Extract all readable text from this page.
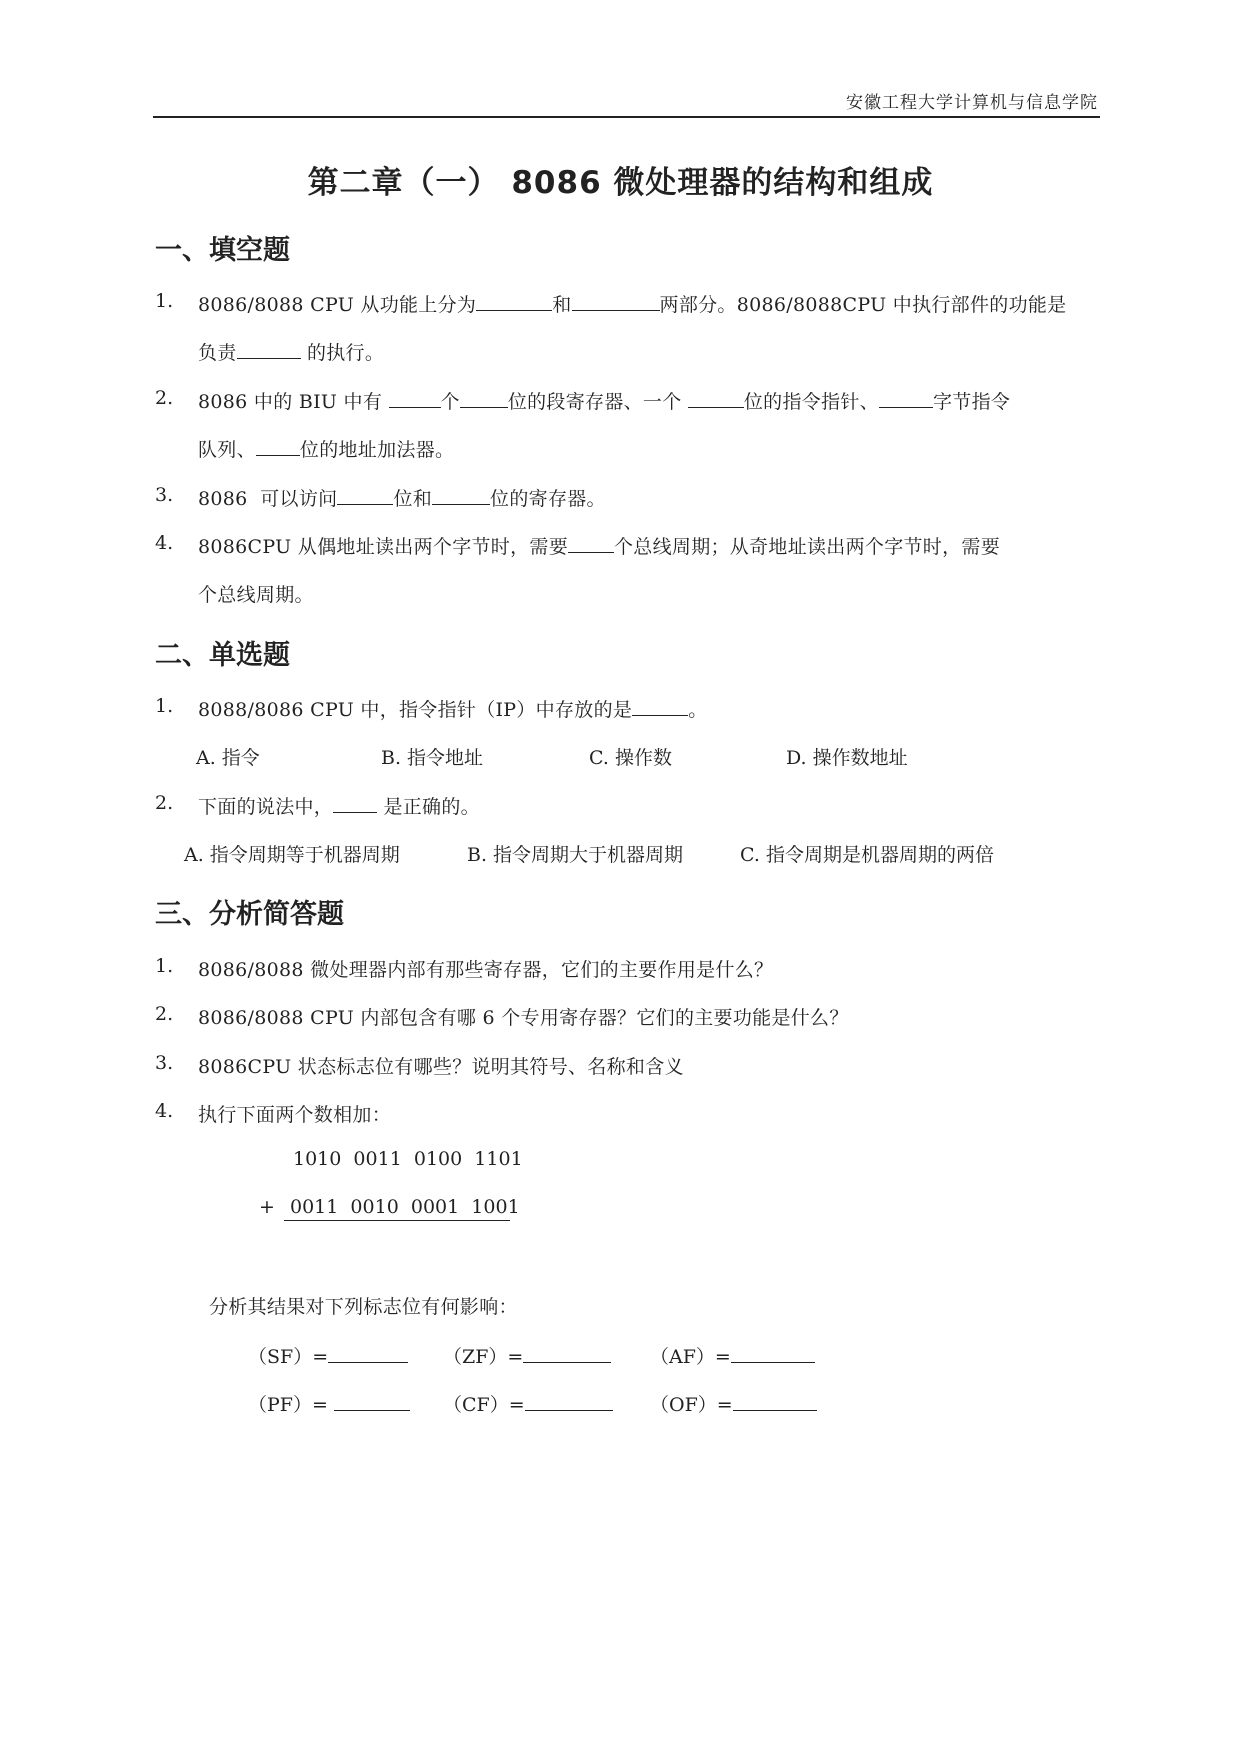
安徽工程大学计算机与信息学院
第二章（一） 8086 微处理器的结构和组成
一、填空题
1. 8086/8088 CPU 从功能上分为	和	两部分。8086/8088CPU 中执行部件的功能是
负责	的执行。
2. 8086 中的 BIU 中有	个	位的段寄存器、一个	位的指令指针、	字节指令
队列、 位的地址加法器。
3. 8086  可以访问	位和	位的寄存器。
4. 8086CPU 从偶地址读出两个字节时，需要 个总线周期；从奇地址读出两个字节时，需要
个总线周期。
二、单选题
1. 8088/8086 CPU 中，指令指针（IP）中存放的是	。
A. 指令	B. 指令地址	C. 操作数	D. 操作数地址
2. 下面的说法中， 是正确的。
A. 指令周期等于机器周期	B. 指令周期大于机器周期	C. 指令周期是机器周期的两倍
三、分析简答题
1. 8086/8088 微处理器内部有那些寄存器，它们的主要作用是什么？
2. 8086/8088 CPU 内部包含有哪 6 个专用寄存器？它们的主要功能是什么？
3. 8086CPU 状态标志位有哪些？说明其符号、名称和含义
4. 执行下面两个数相加：
1010  0011  0100  1101
+ 0011  0010  0001  1001
分析其结果对下列标志位有何影响：
（SF）=	（ZF）=	（AF）=
（PF）=	（CF）=	（OF）=
